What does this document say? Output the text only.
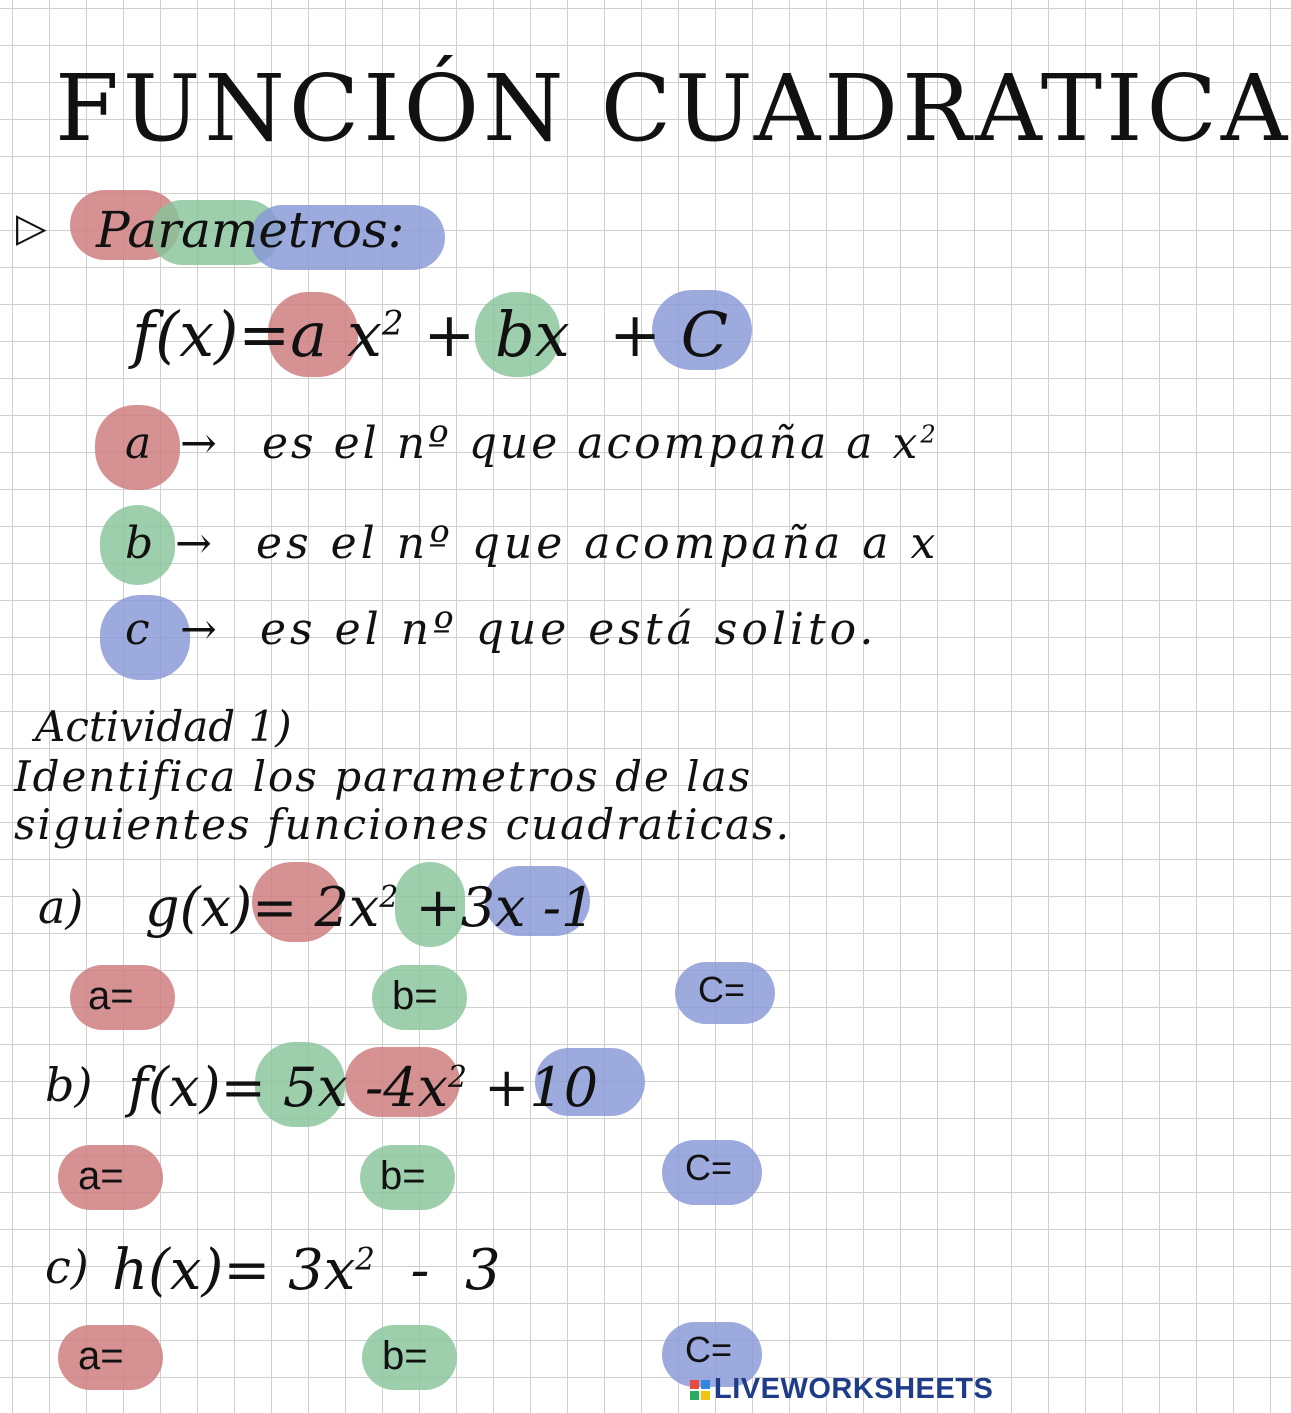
FUNCIÓN CUADRATICA
▷ Parametros:
f(x)=a $x^2$ + bx + C
a → es el nº que acompaña a $x^2$
b → es el nº que acompaña a x
c → es el nº que está solito.
Actividad 1)
Identifica los parametros de las
siguientes funciones cuadraticas.
a) $g(x)= 2x^2 +3x$ -1
a=	b=	C=
b) f(x)= 5x $-4x^2 +10$
a=	b=	C=
c) $h(x)= 3x^2 - 3$
a=	b=	C=
LIVEWORKSHEETS
